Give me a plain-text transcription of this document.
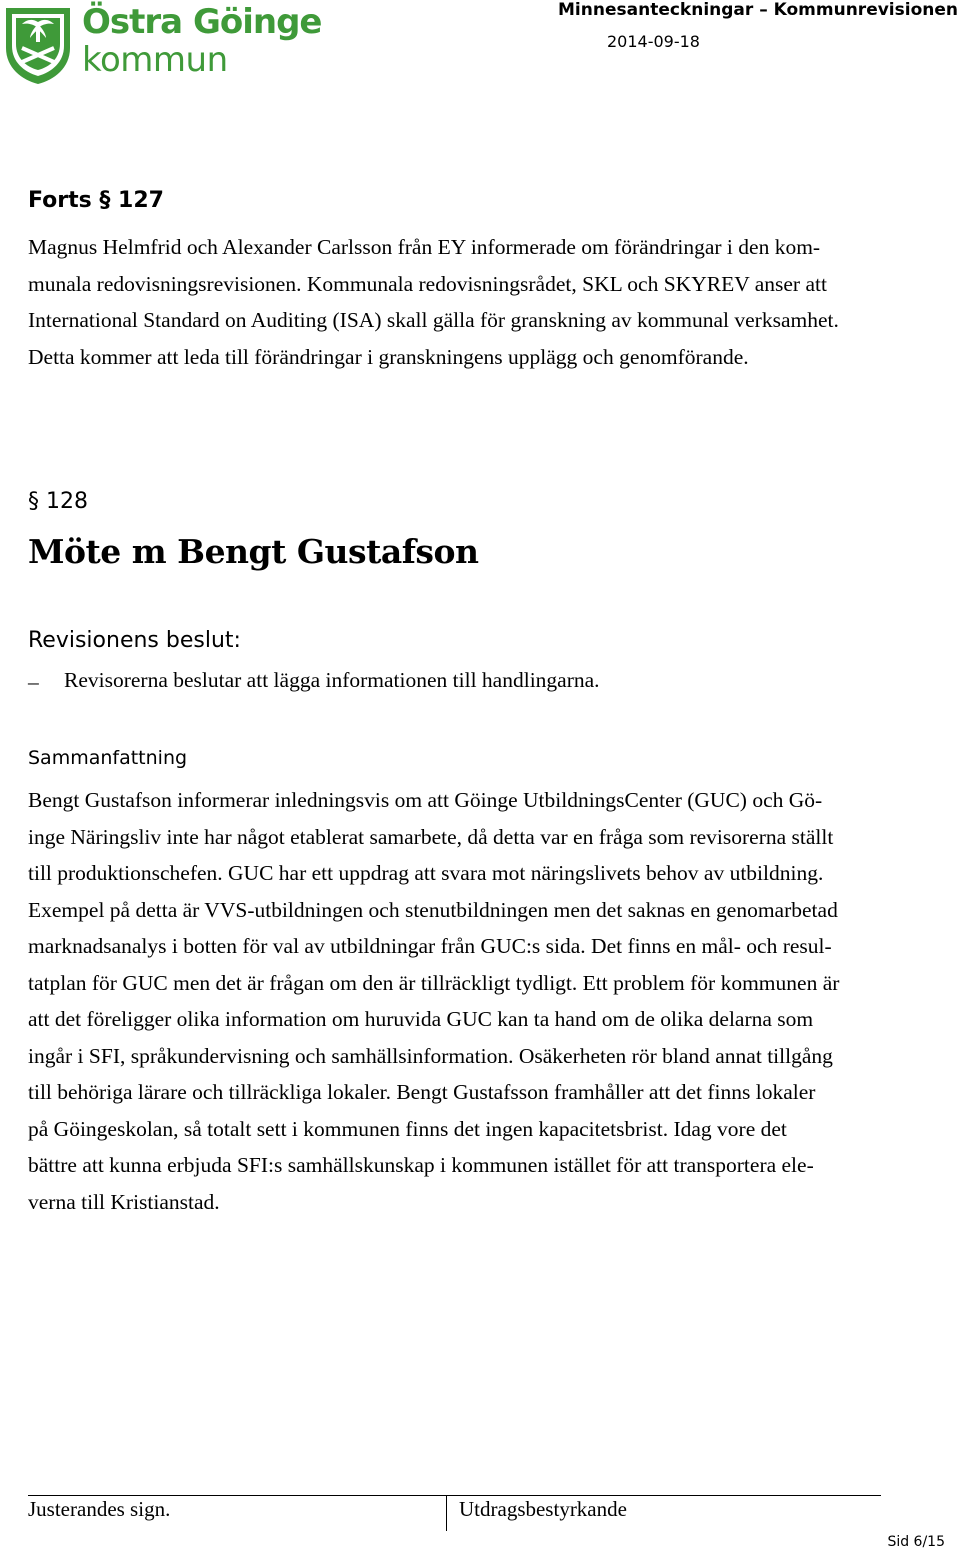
Östra Göinge
kommun
Minnesanteckningar – Kommunrevisionen
2014-09-18
Forts § 127
Magnus Helmfrid och Alexander Carlsson från EY informerade om förändringar i den kom-
munala redovisningsrevisionen. Kommunala redovisningsrådet, SKL och SKYREV anser att
International Standard on Auditing (ISA) skall gälla för granskning av kommunal verksamhet.
Detta kommer att leda till förändringar i granskningens upplägg och genomförande.
§ 128
Möte m Bengt Gustafson
Revisionens beslut:
– Revisorerna beslutar att lägga informationen till handlingarna.
Sammanfattning
Bengt Gustafson informerar inledningsvis om att Göinge UtbildningsCenter (GUC) och Gö-
inge Näringsliv inte har något etablerat samarbete, då detta var en fråga som revisorerna ställt
till produktionschefen. GUC har ett uppdrag att svara mot näringslivets behov av utbildning.
Exempel på detta är VVS-utbildningen och stenutbildningen men det saknas en genomarbetad
marknadsanalys i botten för val av utbildningar från GUC:s sida. Det finns en mål- och resul-
tatplan för GUC men det är frågan om den är tillräckligt tydligt. Ett problem för kommunen är
att det föreligger olika information om huruvida GUC kan ta hand om de olika delarna som
ingår i SFI, språkundervisning och samhällsinformation. Osäkerheten rör bland annat tillgång
till behöriga lärare och tillräckliga lokaler. Bengt Gustafsson framhåller att det finns lokaler
på Göingeskolan, så totalt sett i kommunen finns det ingen kapacitetsbrist. Idag vore det
bättre att kunna erbjuda SFI:s samhällskunskap i kommunen istället för att transportera ele-
verna till Kristianstad.
Justerandes sign.	Utdragsbestyrkande
Sid 6/15
